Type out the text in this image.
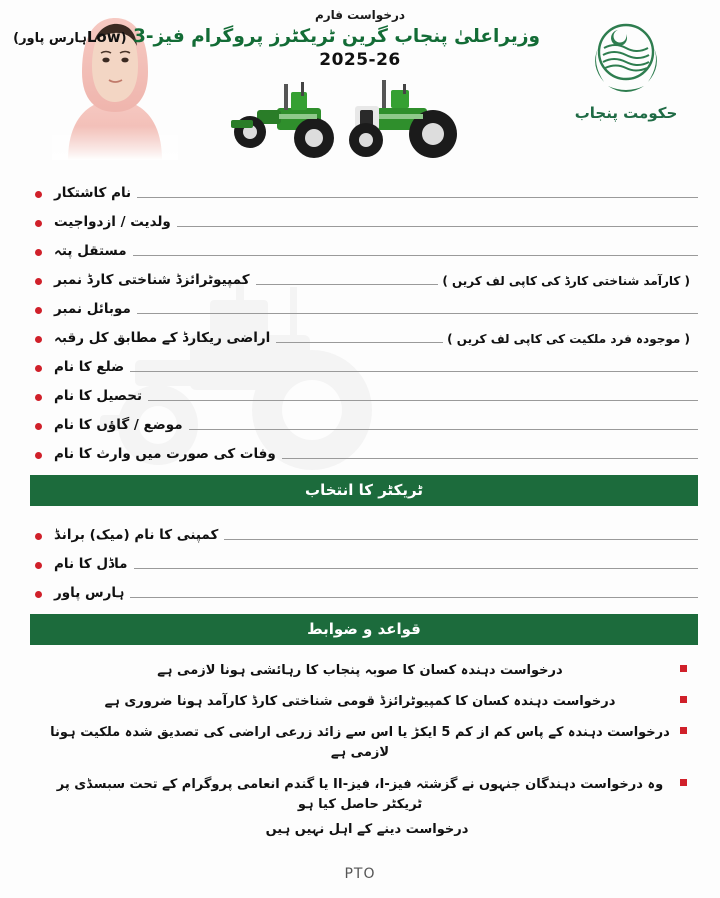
درخواست فارم
وزیراعلیٰ پنجاب گرین ٹریکٹرز پروگرام فیز-3 (Lowہارس پاور)
2025-26
حکومت پنجاب
نام کاشتکار
ولدیت / ازدواجیت
مستقل پتہ
کمپیوٹرائزڈ شناختی کارڈ نمبر	( کارآمد شناختی کارڈ کی کاپی لف کریں )
موبائل نمبر
اراضی ریکارڈ کے مطابق کل رقبہ	( موجودہ فرد ملکیت کی کاپی لف کریں )
ضلع کا نام
تحصیل کا نام
موضع / گاؤں کا نام
وفات کی صورت میں وارث کا نام
ٹریکٹر کا انتخاب
کمپنی کا نام (میک) برانڈ
ماڈل کا نام
ہارس پاور
قواعد و ضوابط
درخواست دہندہ کسان کا صوبہ پنجاب کا رہائشی ہونا لازمی ہے
درخواست دہندہ کسان کا کمپیوٹرائزڈ قومی شناختی کارڈ کارآمد ہونا ضروری ہے
درخواست دہندہ کے پاس کم از کم 5 ایکڑ یا اس سے زائد زرعی اراضی کی تصدیق شدہ ملکیت ہونا لازمی ہے
وہ درخواست دہندگان جنہوں نے گزشتہ فیز-I، فیز-II یا گندم انعامی پروگرام کے تحت سبسڈی پر ٹریکٹر حاصل کیا ہو
درخواست دینے کے اہل نہیں ہیں
PTO
